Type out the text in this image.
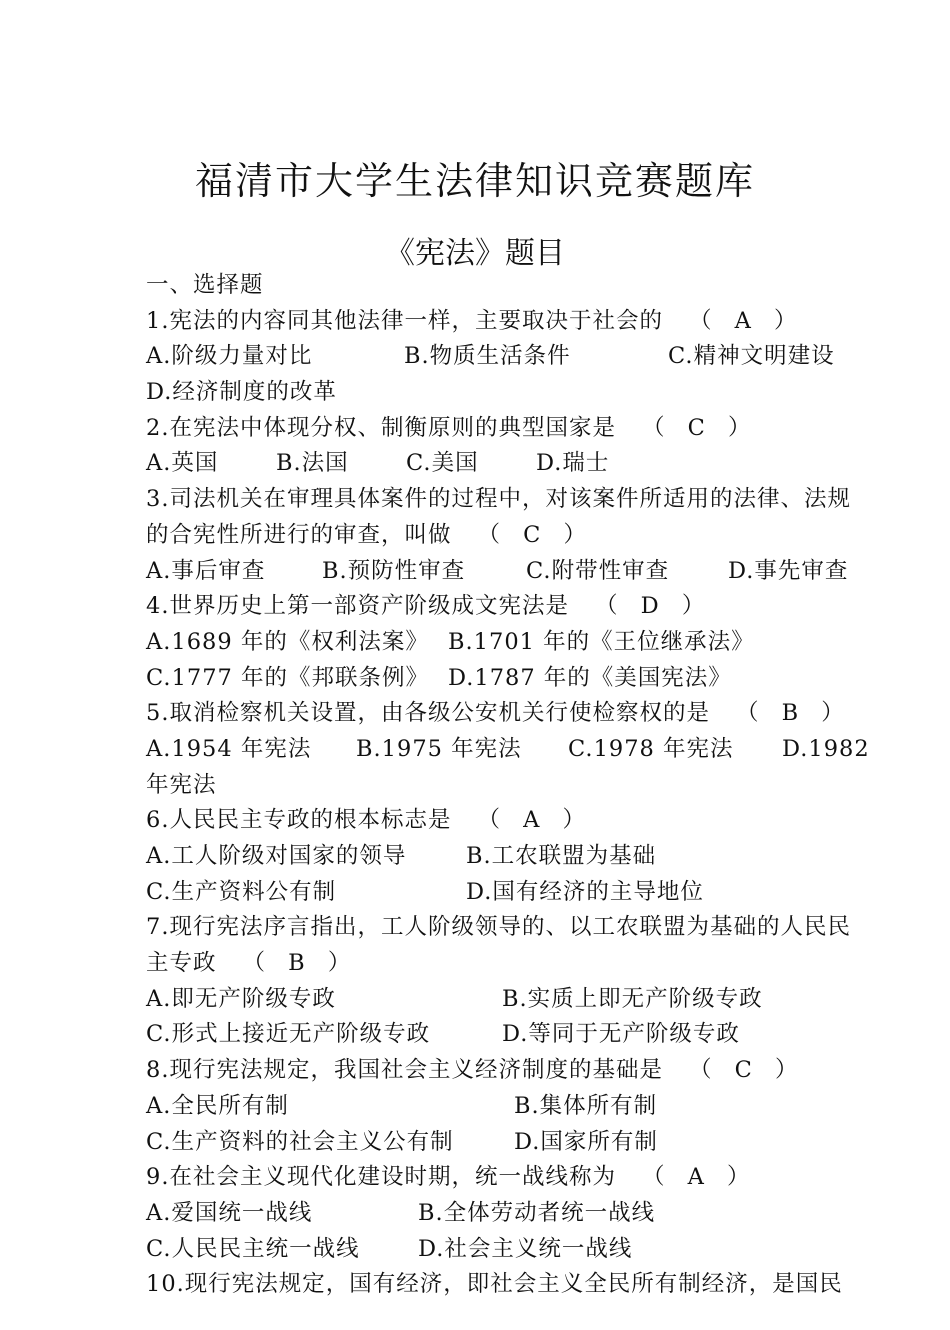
福清市大学生法律知识竞赛题库
《宪法》题目
一、选择题
1.宪法的内容同其他法律一样，主要取决于社会的 （ A ）
A.阶级力量对比	B.物质生活条件	C.精神文明建设
D.经济制度的改革
2.在宪法中体现分权、制衡原则的典型国家是 （ C ）
A.英国	B.法国	C.美国	D.瑞士
3.司法机关在审理具体案件的过程中，对该案件所适用的法律、法规
的合宪性所进行的审查，叫做 （ C ）
A.事后审查	B.预防性审查	C.附带性审查	D.事先审查
4.世界历史上第一部资产阶级成文宪法是 （ D ）
A.1689 年的《权利法案》 B.1701 年的《王位继承法》
C.1777 年的《邦联条例》 D.1787 年的《美国宪法》
5.取消检察机关设置，由各级公安机关行使检察权的是 （ B ）
A.1954 年宪法 B.1975 年宪法 C.1978 年宪法 D.1982
年宪法
6.人民民主专政的根本标志是 （ A ）
A.工人阶级对国家的领导	B.工农联盟为基础
C.生产资料公有制	D.国有经济的主导地位
7.现行宪法序言指出，工人阶级领导的、以工农联盟为基础的人民民
主专政 （ B ）
A.即无产阶级专政	B.实质上即无产阶级专政
C.形式上接近无产阶级专政	D.等同于无产阶级专政
8.现行宪法规定，我国社会主义经济制度的基础是 （ C ）
A.全民所有制	B.集体所有制
C.生产资料的社会主义公有制	D.国家所有制
9.在社会主义现代化建设时期，统一战线称为 （ A ）
A.爱国统一战线	B.全体劳动者统一战线
C.人民民主统一战线	D.社会主义统一战线
10.现行宪法规定，国有经济，即社会主义全民所有制经济，是国民
